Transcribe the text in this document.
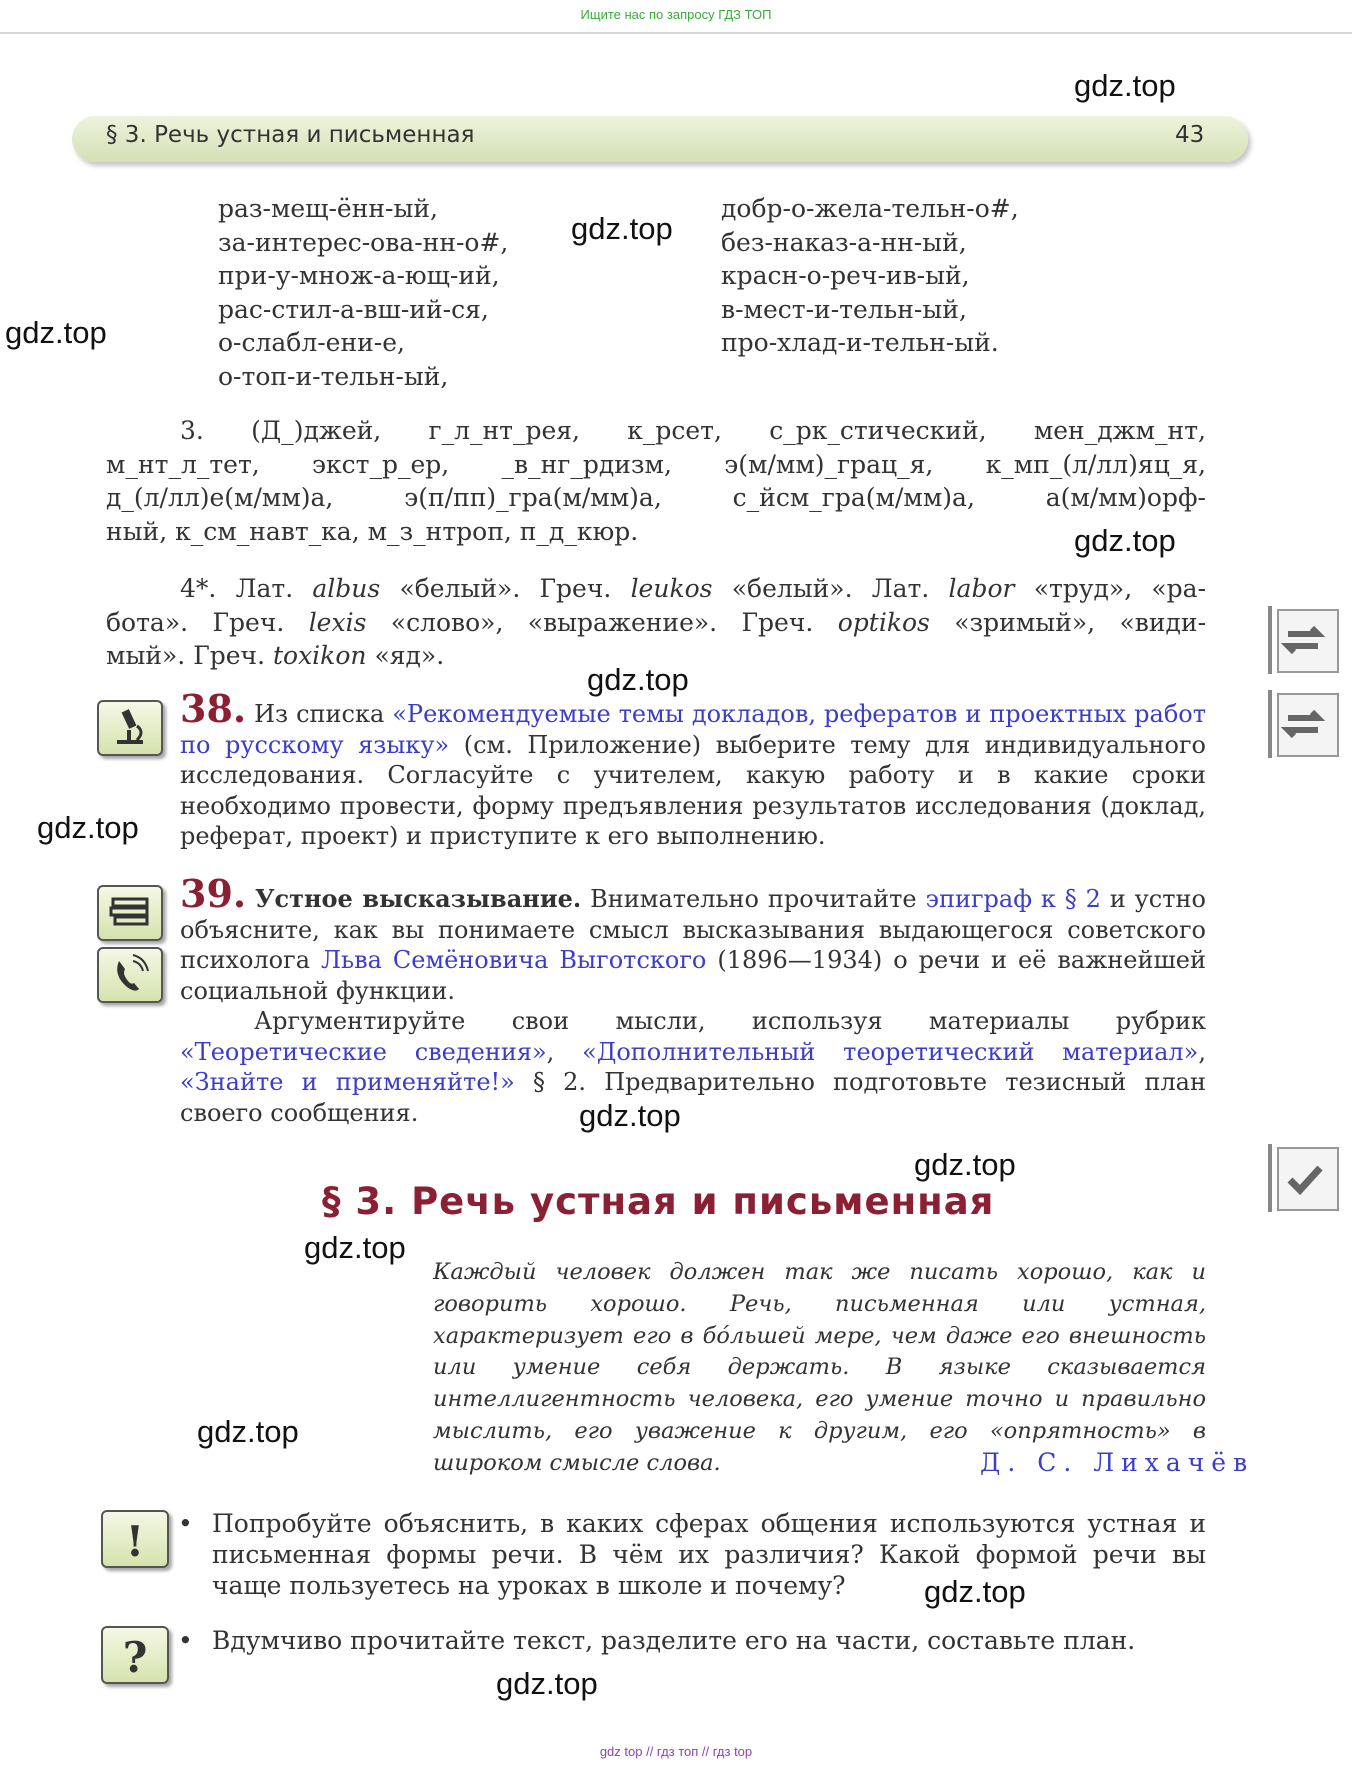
Ищите нас по запросу ГДЗ ТОП
§ 3. Речь устная и письменная	43
раз-мещ-ённ-ый,
за-интерес-ова-нн-о#,
при-у-множ-а-ющ-ий,
рас-стил-а-вш-ий-ся,
о-слабл-ени-е,
о-топ-и-тельн-ый,
добр-о-жела-тельн-о#,
без-наказ-а-нн-ый,
красн-о-реч-ив-ый,
в-мест-и-тельн-ый,
про-хлад-и-тельн-ый.
3. (Д_)джей, г_л_нт_рея, к_рсет, с_рк_стический, мен_джм_нт,
м_нт_л_тет, экст_р_ер, _в_нг_рдизм, э(м/мм)_грац_я, к_мп_(л/лл)яц_я,
д_(л/лл)е(м/мм)а, э(п/пп)_гра(м/мм)а, с_йсм_гра(м/мм)а, а(м/мм)орф-
ный, к_см_навт_ка, м_з_нтроп, п_д_кюр.
4*. Лат. albus «белый». Греч. leukos «белый». Лат. labor «труд», «ра-
бота». Греч. lexis «слово», «выражение». Греч. optikos «зримый», «види-
мый». Греч. toxikon «яд».
38. Из списка «Рекомендуемые темы докладов, рефератов и проектных работ по русскому языку» (см. Приложение) выберите тему для индивидуального исследования. Согласуйте с учителем, какую работу и в какие сроки необходимо провести, форму предъявления результатов исследования (доклад, реферат, проект) и приступите к его выполнению.
39. Устное высказывание. Внимательно прочитайте эпиграф к § 2 и устно объясните, как вы понимаете смысл высказывания выдающегося советского психолога Льва Семёновича Выготского (1896—1934) о речи и её важнейшей социальной функции.
Аргументируйте свои мысли, используя материалы рубрик «Теоретические сведения», «Дополнительный теоретический материал», «Знайте и применяйте!» § 2. Предварительно подготовьте тезисный план своего сообщения.
§ 3. Речь устная и письменная
Каждый человек должен так же писать хорошо, как и говорить хорошо. Речь, письменная или устная, характеризует его в бóльшей мере, чем даже его внешность или умение себя держать. В языке сказывается интеллигентность человека, его умение точно и правильно мыслить, его уважение к другим, его «опрятность» в широком смысле слова.	Д. С. Лихачёв
! • Попробуйте объяснить, в каких сферах общения используются устная и письменная формы речи. В чём их различия? Какой формой речи вы чаще пользуетесь на уроках в школе и почему?
? • Вдумчиво прочитайте текст, разделите его на части, составьте план.
gdz.top
gdz.top
gdz.top
gdz.top
gdz.top
gdz.top
gdz.top
gdz.top
gdz.top
gdz.top
gdz.top
gdz.top
gdz top // гдз топ // гдз top
